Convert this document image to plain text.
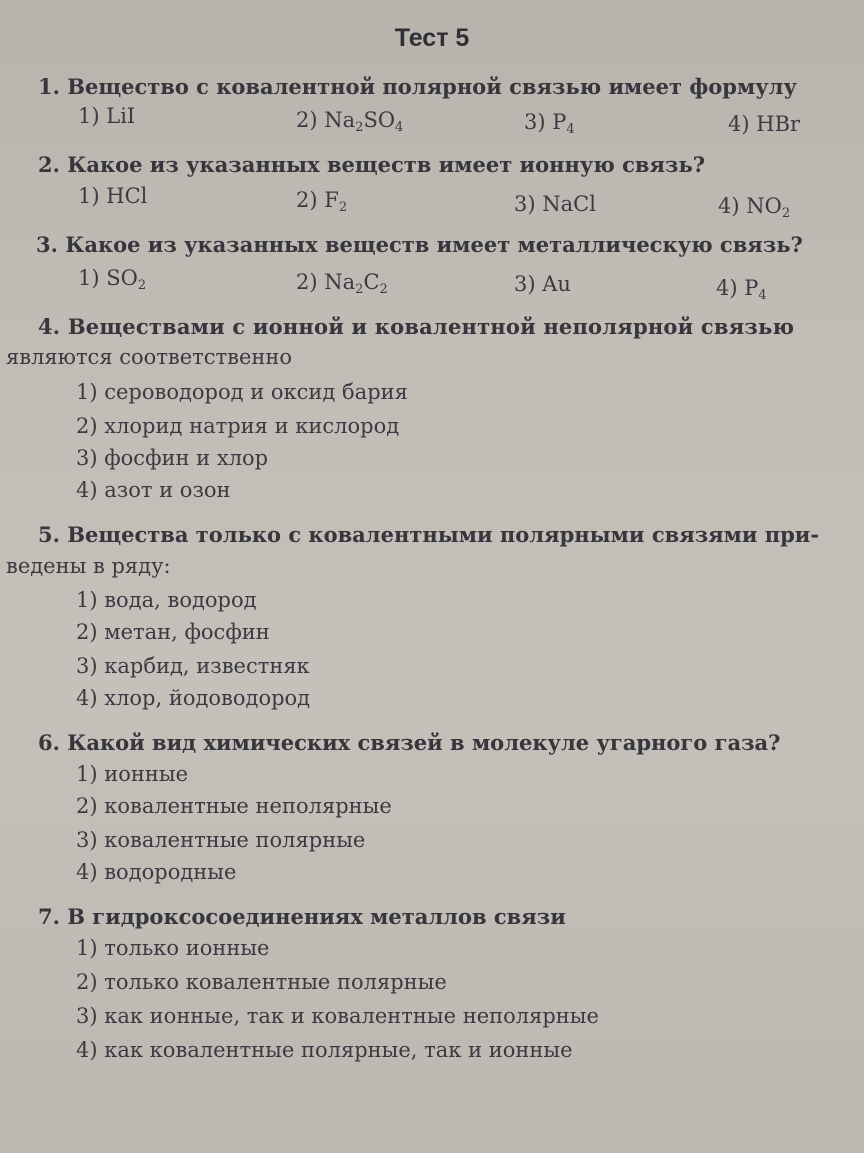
Тест 5
1. Вещество с ковалентной полярной связью имеет формулу
1) LiI	2) $Na_2SO_4$	3) $P_4$	4) HBr
2. Какое из указанных веществ имеет ионную связь?
1) HCl	2) $F_2$	3) NaCl	4) $NO_2$
3. Какое из указанных веществ имеет металлическую связь?
1) $SO_2$	2) $Na_2C_2$	3) Au	4) $P_4$
4. Веществами с ионной и ковалентной неполярной связью
являются соответственно
1) сероводород и оксид бария
2) хлорид натрия и кислород
3) фосфин и хлор
4) азот и озон
5. Вещества только с ковалентными полярными связями при-
ведены в ряду:
1) вода, водород
2) метан, фосфин
3) карбид, известняк
4) хлор, йодоводород
6. Какой вид химических связей в молекуле угарного газа?
1) ионные
2) ковалентные неполярные
3) ковалентные полярные
4) водородные
7. В гидроксосоединениях металлов связи
1) только ионные
2) только ковалентные полярные
3) как ионные, так и ковалентные неполярные
4) как ковалентные полярные, так и ионные
